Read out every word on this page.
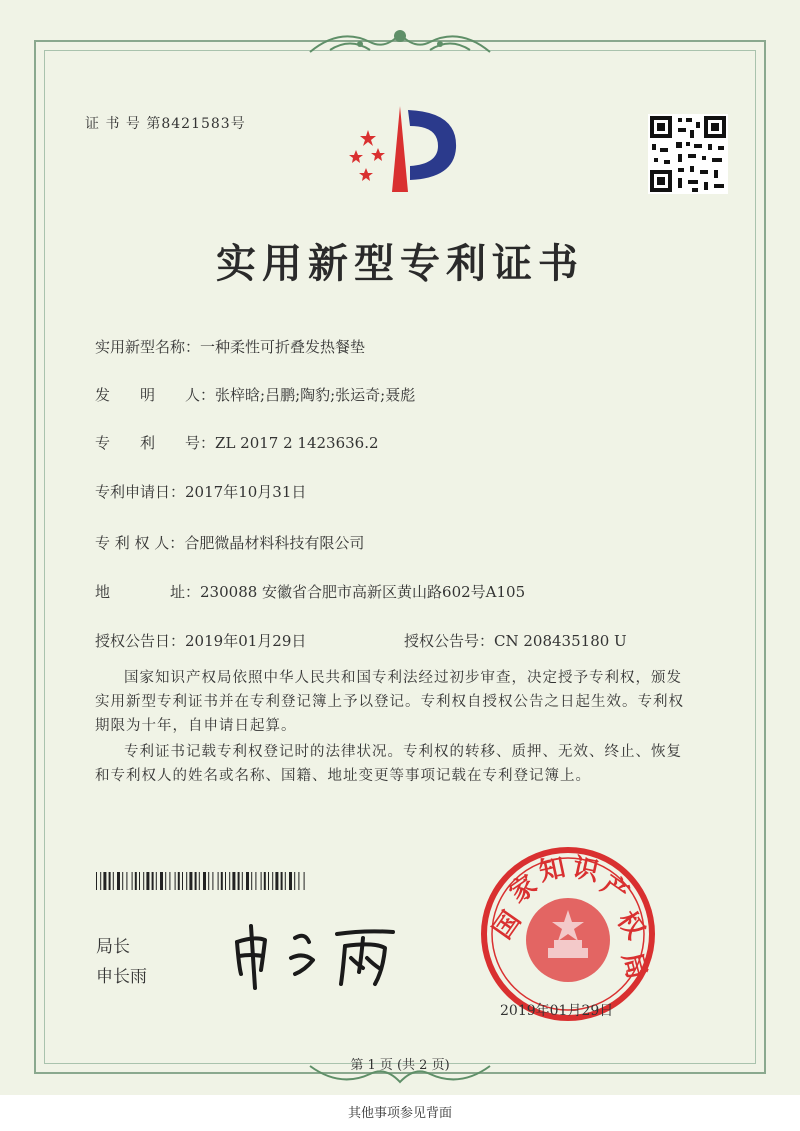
证 书 号 第8421583号
实用新型专利证书
实用新型名称：一种柔性可折叠发热餐垫
发　　明　　人：张梓晗;吕鹏;陶豹;张运奇;聂彪
专　　利　　号：ZL 2017 2 1423636.2
专利申请日：2017年10月31日
专 利 权 人：合肥微晶材料科技有限公司
地　　　　址：230088 安徽省合肥市高新区黄山路602号A105
授权公告日：2019年01月29日	授权公告号：CN 208435180 U
国家知识产权局依照中华人民共和国专利法经过初步审查，决定授予专利权，颁发实用新型专利证书并在专利登记簿上予以登记。专利权自授权公告之日起生效。专利权期限为十年，自申请日起算。
专利证书记载专利权登记时的法律状况。专利权的转移、质押、无效、终止、恢复和专利权人的姓名或名称、国籍、地址变更等事项记载在专利登记簿上。
局长
申长雨
国
家
知 识
产
权
局
2019年01月29日
第 1 页 (共 2 页)
其他事项参见背面
